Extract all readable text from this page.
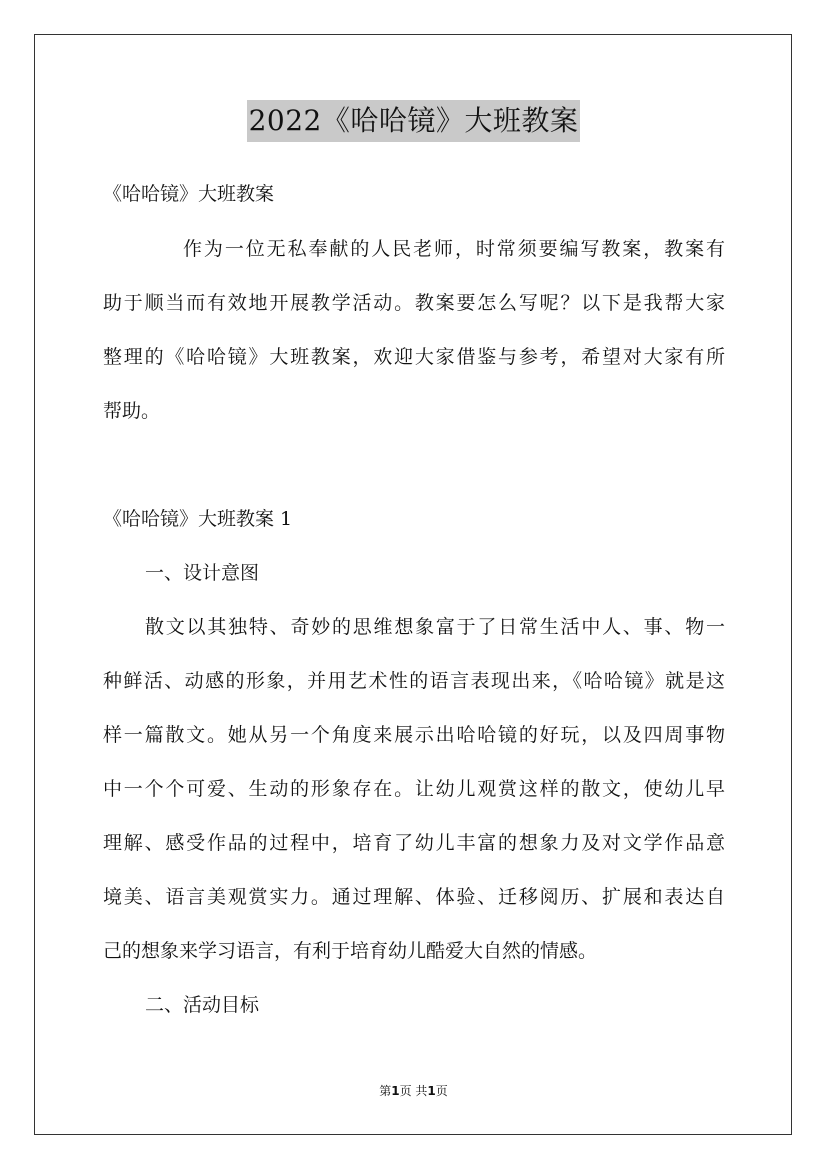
2022《哈哈镜》大班教案
《哈哈镜》大班教案
作为一位无私奉献的人民老师，时常须要编写教案，教案有
助于顺当而有效地开展教学活动。教案要怎么写呢？以下是我帮大家
整理的《哈哈镜》大班教案，欢迎大家借鉴与参考，希望对大家有所
帮助。
《哈哈镜》大班教案 1
一、设计意图
散文以其独特、奇妙的思维想象富于了日常生活中人、事、物一
种鲜活、动感的形象，并用艺术性的语言表现出来，《哈哈镜》就是这
样一篇散文。她从另一个角度来展示出哈哈镜的好玩，以及四周事物
中一个个可爱、生动的形象存在。让幼儿观赏这样的散文，使幼儿早
理解、感受作品的过程中，培育了幼儿丰富的想象力及对文学作品意
境美、语言美观赏实力。通过理解、体验、迁移阅历、扩展和表达自
己的想象来学习语言，有利于培育幼儿酷爱大自然的情感。
二、活动目标
第1页 共1页
